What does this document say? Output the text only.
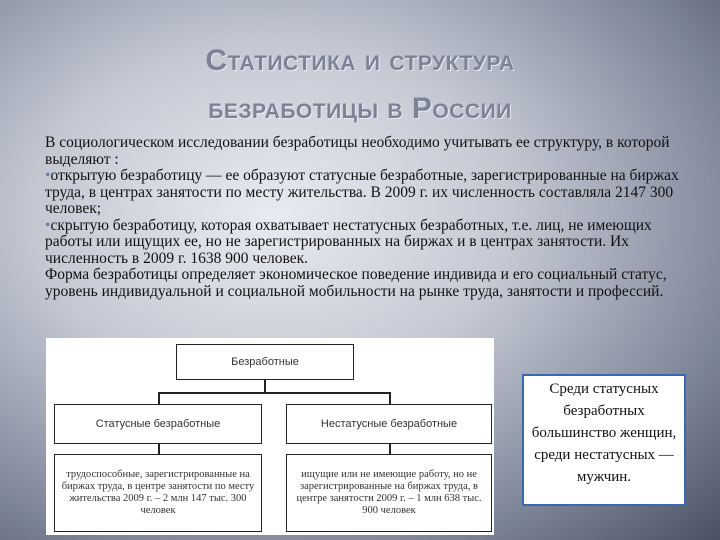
Статистика и структура
безработицы в России

В социологическом исследовании безработицы необходимо учитывать ее структуру, в которой выделяют :

•открытую безработицу — ее образуют статусные безработные, зарегистрированные на биржах труда, в центрах занятости по месту жительства. В 2009 г. их численность составляла 2147 300 человек;

•скрытую безработицу, которая охватывает нестатусных безработных, т.е. лиц, не имеющих работы или ищущих ее, но не зарегистрированных на биржах и в центрах занятости. Их численность в 2009 г. 1638 900 человек.

Форма безработицы определяет экономическое поведение индивида и его социальный статус, уровень индивидуальной и социальной мобильности на рынке труда, занятости и профессий.

Безработные
Статусные безработные	Нестатусные безработные
трудоспособные, зарегистрированные на биржах труда, в центре занятости по месту жительства 2009 г. – 2 млн 147 тыс. 300 человек
ищущие или не имеющие работу, но не зарегистрированные на биржах труда, в центре занятости 2009 г. – 1 млн 638 тыс. 900 человек
Среди статусных безработных большинство женщин, среди нестатусных — мужчин.
